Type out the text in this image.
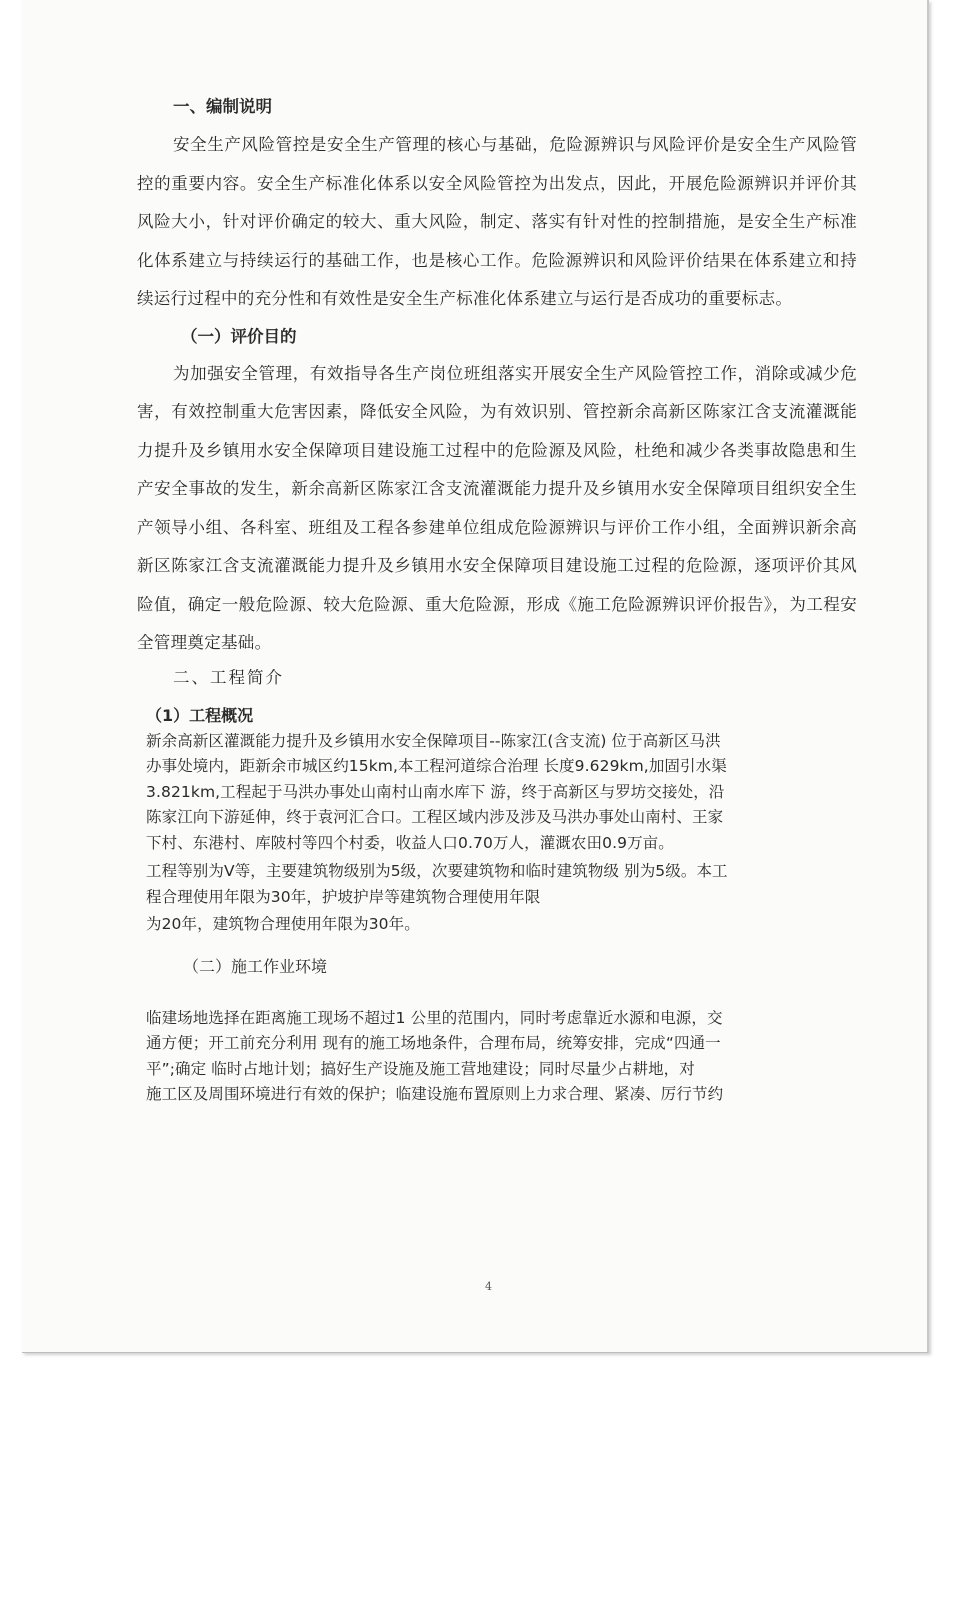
一、编制说明

安全生产风险管控是安全生产管理的核心与基础，危险源辨识与风险评价是安全生产风险管控的重要内容。安全生产标准化体系以安全风险管控为出发点，因此，开展危险源辨识并评价其风险大小，针对评价确定的较大、重大风险，制定、落实有针对性的控制措施，是安全生产标准化体系建立与持续运行的基础工作，也是核心工作。危险源辨识和风险评价结果在体系建立和持续运行过程中的充分性和有效性是安全生产标准化体系建立与运行是否成功的重要标志。

（一）评价目的

为加强安全管理，有效指导各生产岗位班组落实开展安全生产风险管控工作，消除或减少危害，有效控制重大危害因素，降低安全风险，为有效识别、管控新余高新区陈家江含支流灌溉能力提升及乡镇用水安全保障项目建设施工过程中的危险源及风险，杜绝和减少各类事故隐患和生产安全事故的发生，新余高新区陈家江含支流灌溉能力提升及乡镇用水安全保障项目组织安全生产领导小组、各科室、班组及工程各参建单位组成危险源辨识与评价工作小组，全面辨识新余高新区陈家江含支流灌溉能力提升及乡镇用水安全保障项目建设施工过程的危险源，逐项评价其风险值，确定一般危险源、较大危险源、重大危险源，形成《施工危险源辨识评价报告》，为工程安全管理奠定基础。

二、工程简介
（1）工程概况
新余高新区灌溉能力提升及乡镇用水安全保障项目--陈家江(含支流) 位于高新区马洪
办事处境内，距新余市城区约15km,本工程河道综合治理 长度9.629km,加固引水渠
3.821km,工程起于马洪办事处山南村山南水库下 游，终于高新区与罗坊交接处，沿
陈家江向下游延伸，终于袁河汇合口。工程区域内涉及涉及马洪办事处山南村、王家
下村、东港村、库陂村等四个村委，收益人口0.70万人，灌溉农田0.9万亩。
工程等别为V等，主要建筑物级别为5级，次要建筑物和临时建筑物级 别为5级。本工
程合理使用年限为30年，护坡护岸等建筑物合理使用年限
为20年，建筑物合理使用年限为30年。
（二）施工作业环境
临建场地选择在距离施工现场不超过1 公里的范围内，同时考虑靠近水源和电源，交
通方便；开工前充分利用 现有的施工场地条件，合理布局，统筹安排，完成“四通一
平”;确定 临时占地计划；搞好生产设施及施工营地建设；同时尽量少占耕地，对
施工区及周围环境进行有效的保护；临建设施布置原则上力求合理、紧凑、厉行节约
4
